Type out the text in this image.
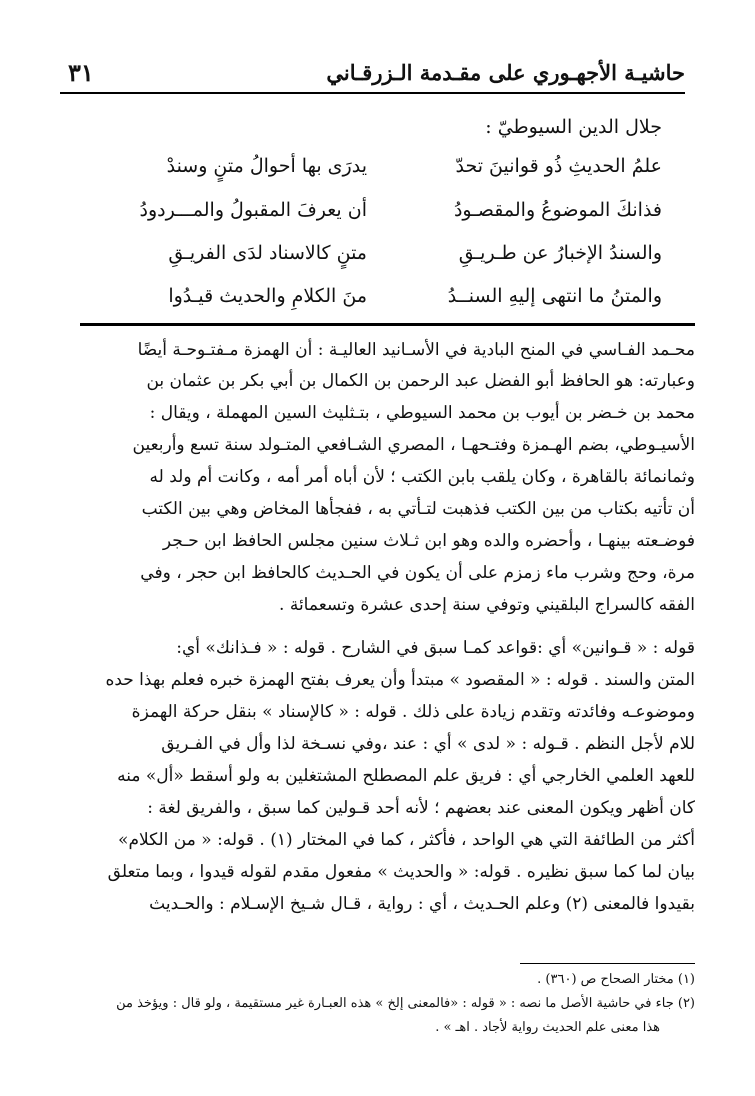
حاشيـة الأجهـوري على مقـدمة الـزرقـاني
٣١
جلال الدين السيوطيّ :
علمُ الحديثِ ذُو قوانينَ تحدّ
يدرَى بها أحوالُ متنٍ وسندْ
فذانكَ الموضوعُ والمقصـودُ
أن يعرفَ المقبولُ والمـــردودُ
والسندُ الإخبارُ عن طـريـقِ
متنٍ كالاسناد لدَى الفريـقِ
والمتنُ ما انتهى إليهِ السنــدُ
منَ الكلامِ والحديث قيـدُوا
محـمد الفـاسي في المنح البادية في الأسـانيد العاليـة : أن الهمزة مـفتـوحـة أيضًا
وعبارته: هو الحافظ أبو الفضل عبد الرحمن بن الكمال بن أبي بكر بن عثمان بن
محمد بن خـضر بن أيوب بن محمد السيوطي ، بتـثليث السين المهملة ، ويقال :
الأسيـوطي، بضم الهـمزة وفتـحهـا ، المصري الشـافعي المتـولد سنة تسع وأربعين
وثمانمائة بالقاهرة ، وكان يلقب بابن الكتب ؛ لأن أباه أمر أمه ، وكانت أم ولد له
أن تأتيه بكتاب من بين الكتب فذهبت لتـأتي به ، ففجأها المخاض وهي بين الكتب
فوضـعته بينهـا ، وأحضره والده وهو ابن ثـلاث سنين مجلس الحافظ ابن حـجر
مرة، وحج وشرب ماء زمزم على أن يكون في الحـديث كالحافظ ابن حجر ، وفي
الفقه كالسراج البلقيني وتوفي سنة إحدى عشرة وتسعمائة .
قوله : « قـوانين» أي :قواعد كمـا سبق في الشارح . قوله : « فـذانك» أي:
المتن والسند . قوله : « المقصود » مبتدأ وأن يعرف بفتح الهمزة خبره فعلم بهذا حده
وموضوعـه وفائدته وتقدم زيادة على ذلك . قوله : « كالإسناد » بنقل حركة الهمزة
للام لأجل النظم . قـوله : « لدى » أي : عند ،وفي نسـخة لذا وأل في الفـريق
للعهد العلمي الخارجي أي : فريق علم المصطلح المشتغلين به ولو أسقط «أل» منه
كان أظهر ويكون المعنى عند بعضهم ؛ لأنه أحد قـولين كما سبق ، والفريق لغة :
أكثر من الطائفة التي هي الواحد ، فأكثر ، كما في المختار (١) . قوله: « من الكلام»
بيان لما كما سبق نظيره . قوله: « والحديث » مفعول مقدم لقوله قيدوا ، وبما متعلق
بقيدوا فالمعنى (٢) وعلم الحـديث ، أي : رواية ، قـال شـيخ الإسـلام : والحـديث
(١) مختار الصحاح ص (٣٦٠) .
(٢) جاء في حاشية الأصل ما نصه : « قوله : «فالمعنى إلخ » هذه العبـارة غير مستقيمة ، ولو قال : ويؤخذ من
هذا معنى علم الحديث رواية لأجاد . اهـ » .
